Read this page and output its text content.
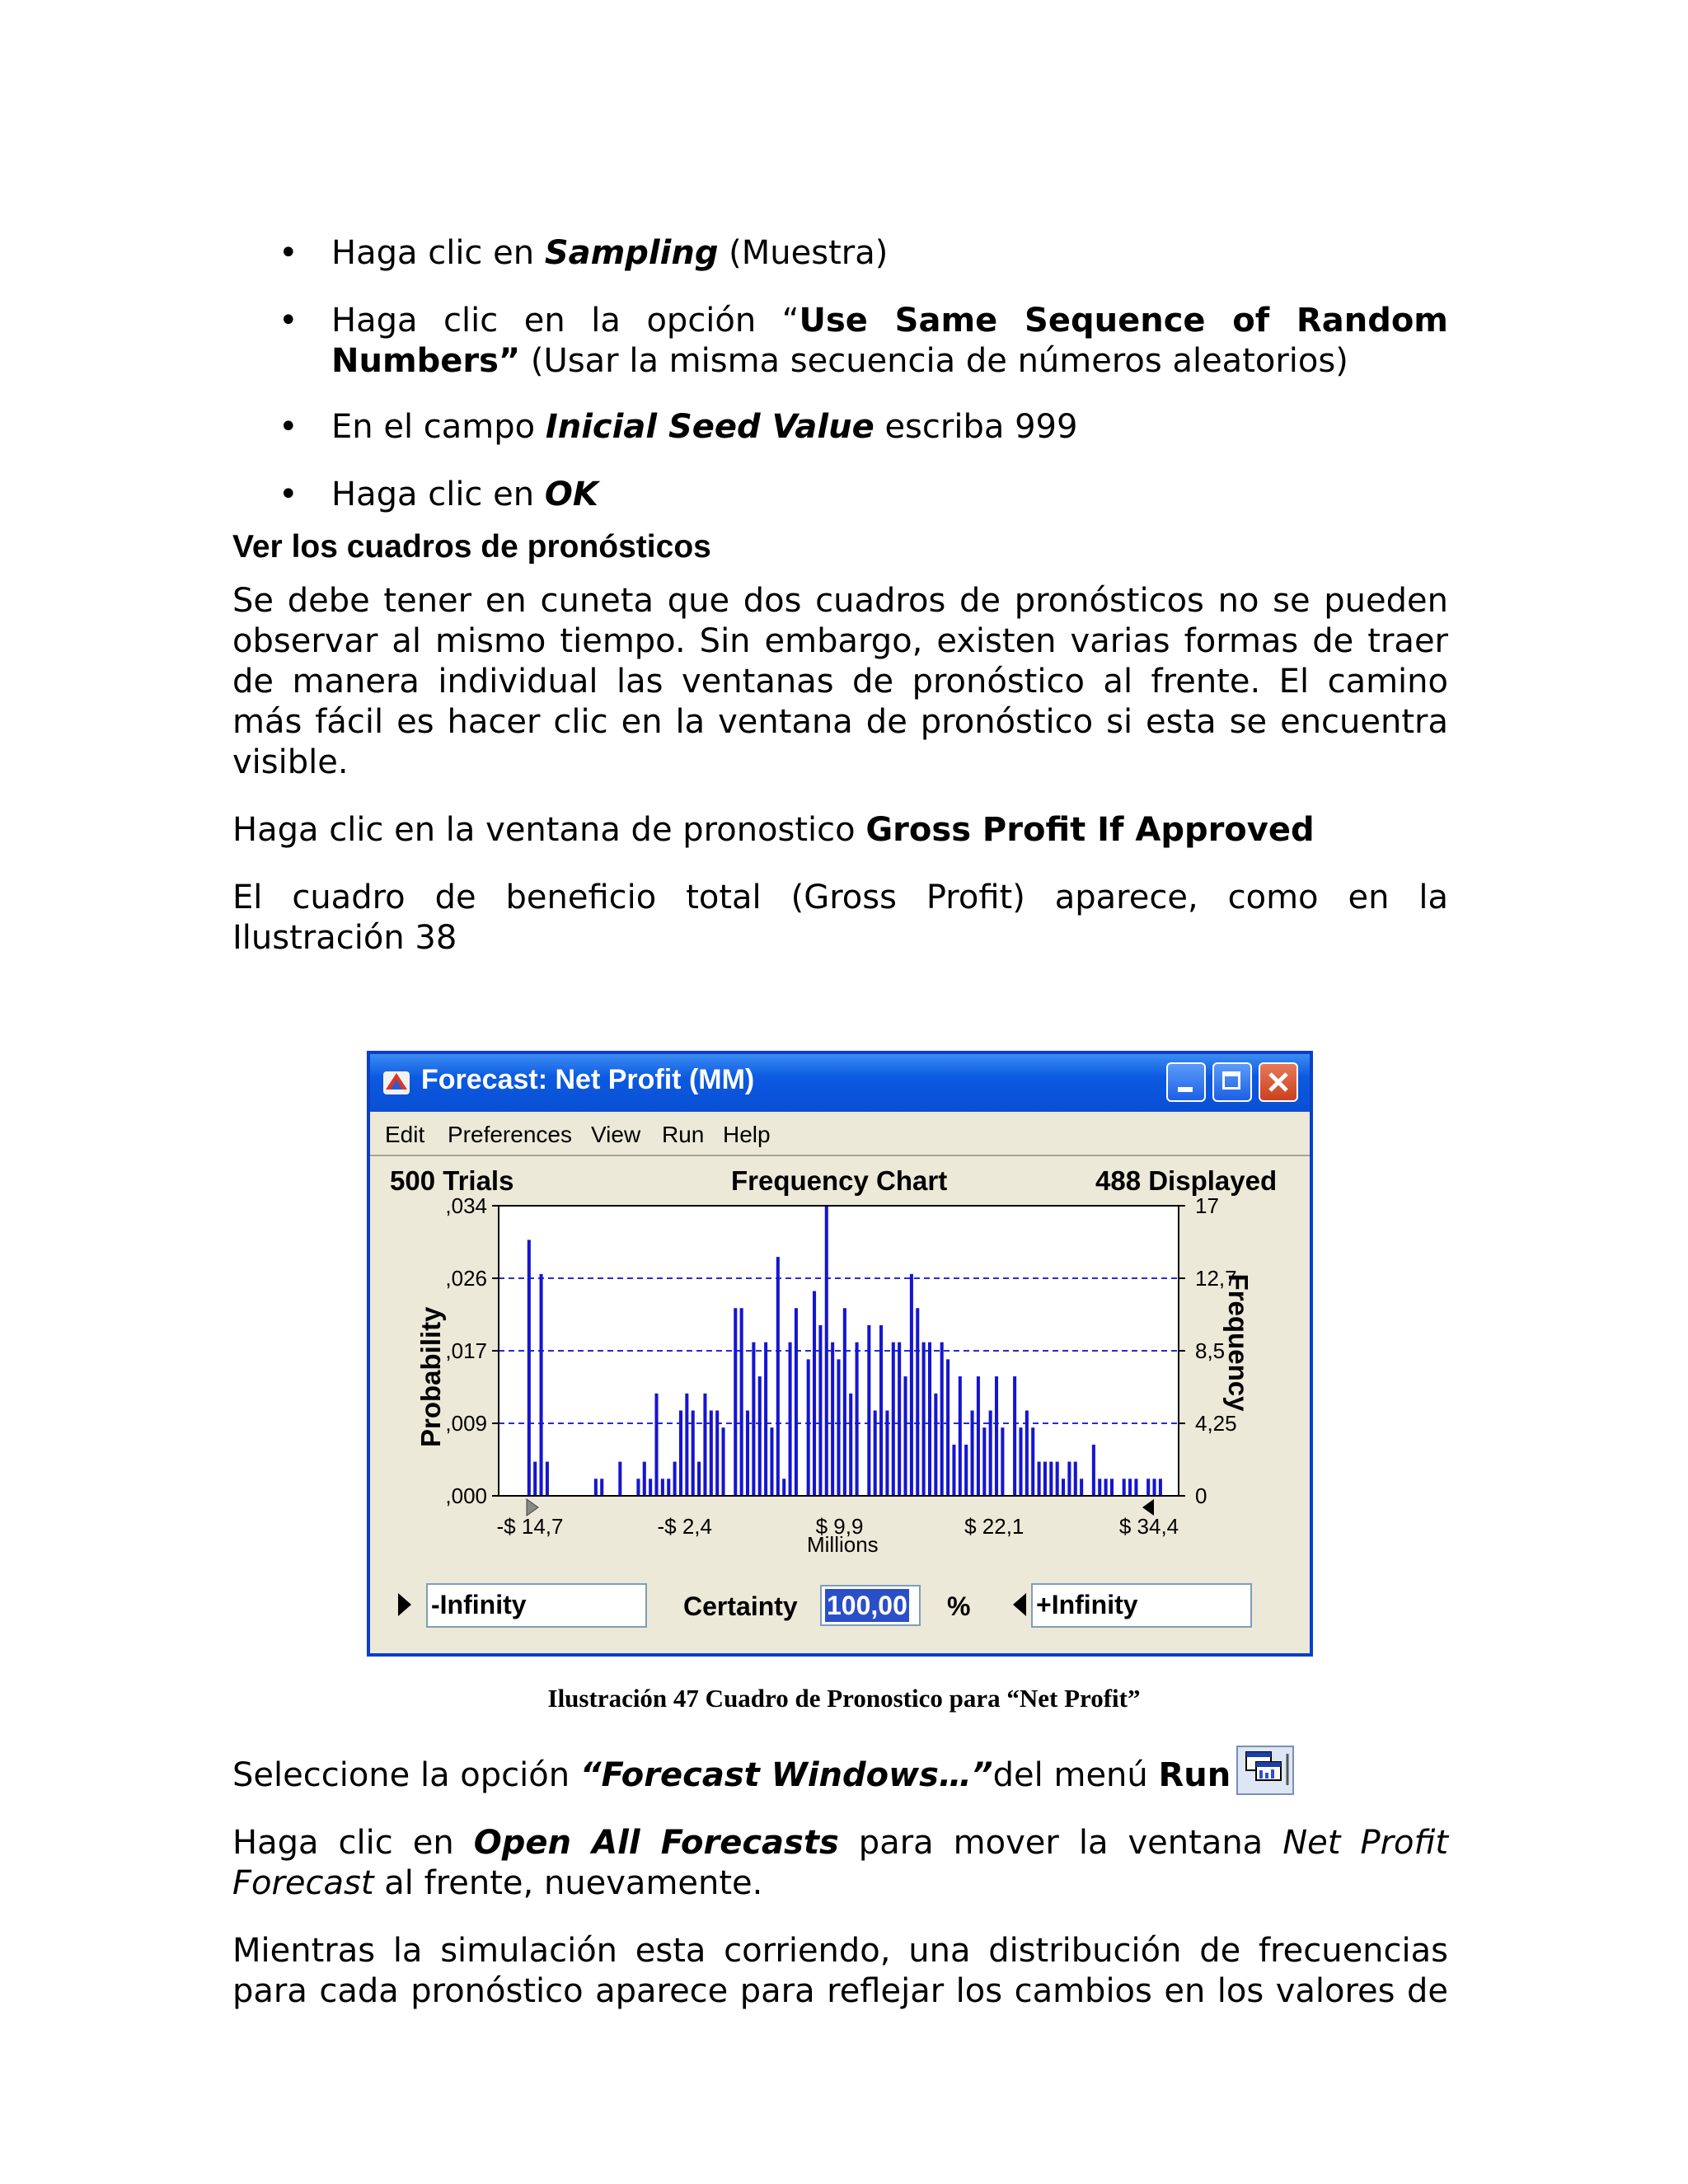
• Haga clic en Sampling (Muestra)
• Haga clic en la opción “Use Same Sequence of Random
Numbers” (Usar la misma secuencia de números aleatorios)
• En el campo Inicial Seed Value escriba 999
• Haga clic en OK
Ver los cuadros de pronósticos
Se debe tener en cuneta que dos cuadros de pronósticos no se pueden
observar al mismo tiempo. Sin embargo, existen varias formas de traer
de manera individual las ventanas de pronóstico al frente. El camino
más fácil es hacer clic en la ventana de pronóstico si esta se encuentra
visible.
Haga clic en la ventana de pronostico Gross Profit If Approved
El cuadro de beneficio total (Gross Profit) aparece, como en la
Ilustración 38
Forecast: Net Profit (MM)
Edit Preferences View Run Help
500 Trials	Frequency Chart	488 Displayed
Probability	Frequency
,000	0
,009	4,25
,017	8,5
,026	12,7
,034	17
-$ 14,7	-$ 2,4	$ 9,9	$ 22,1	$ 34,4
Millions
-Infinity	Certainty 100,00	% +Infinity
Ilustración 47 Cuadro de Pronostico para “Net Profit”
Seleccione la opción “Forecast Windows…”del menú Run
Haga clic en Open All Forecasts para mover la ventana Net Profit
Forecast al frente, nuevamente.
Mientras la simulación esta corriendo, una distribución de frecuencias
para cada pronóstico aparece para reflejar los cambios en los valores de
